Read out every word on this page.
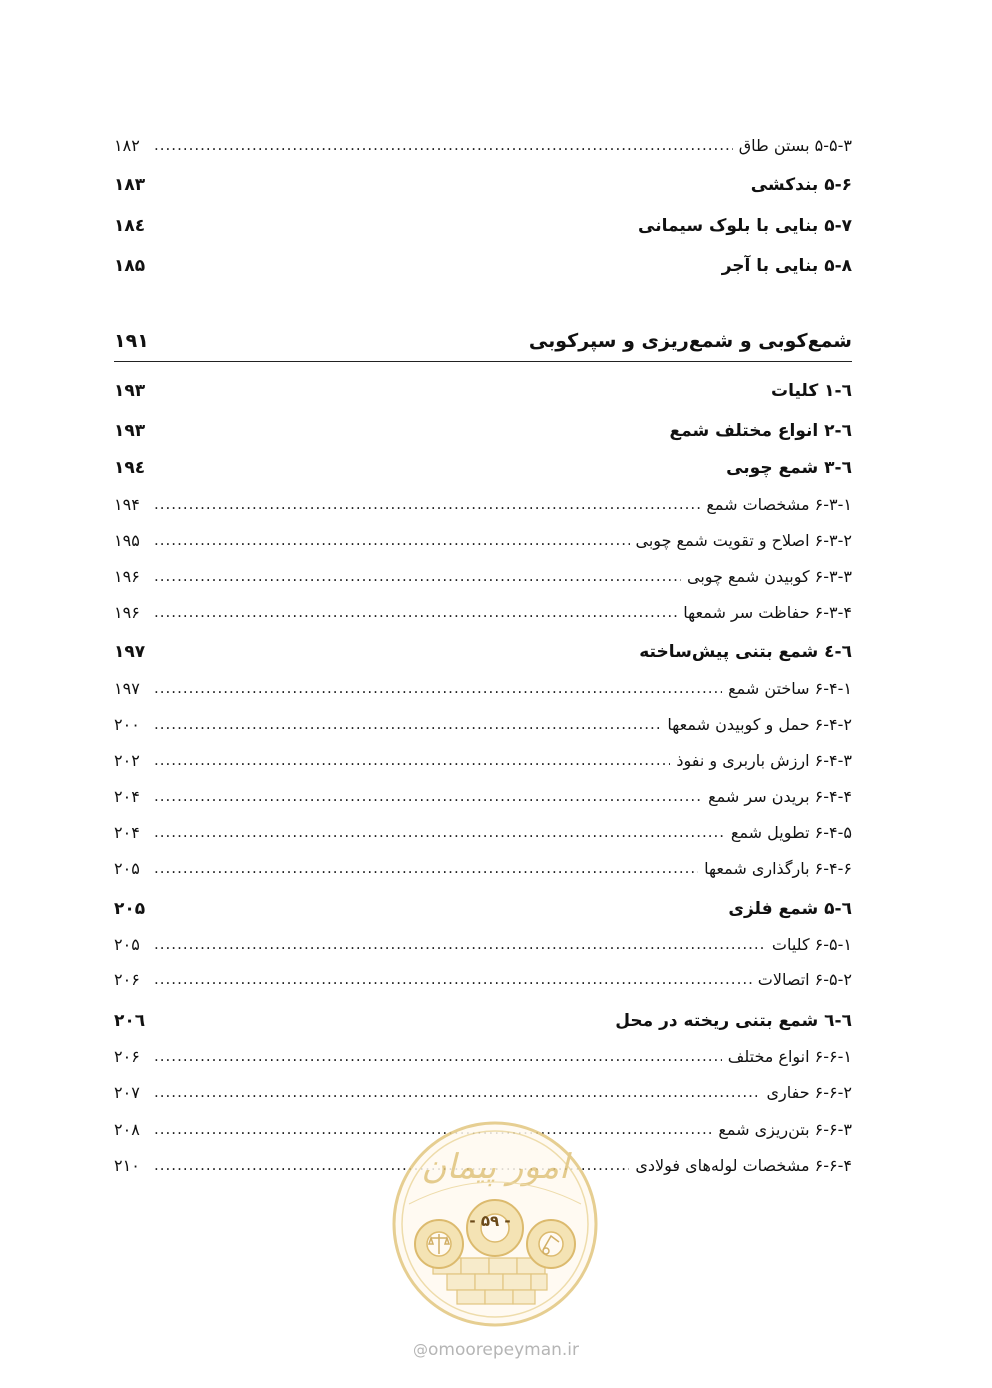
۵-۵-۳ بستن طاق
.....
۱۸۲
۵-۶ بندکشی
۱۸۳
۵-۷ بنایی با بلوک سیمانی
۱۸٤
۵-۸ بنایی با آجر
۱۸۵
شمع‌کوبی و شمع‌ریزی و سپرکوبی
۱۹۱
٦-۱ کلیات
۱۹۳
٦-۲ انواع مختلف شمع
۱۹۳
٦-۳ شمع چوبی
۱۹٤
۶-۳-۱ مشخصات شمع
.....
۱۹۴
۶-۳-۲ اصلاح و تقویت شمع چوبی
.....
۱۹۵
۶-۳-۳ کوبیدن شمع چوبی
.....
۱۹۶
۶-۳-۴ حفاظت سر شمعها
.....
۱۹۶
٦-٤ شمع بتنی پیش‌ساخته
۱۹۷
۶-۴-۱ ساختن شمع
.....
۱۹۷
۶-۴-۲ حمل و کوبیدن شمعها
.....
۲۰۰
۶-۴-۳ ارزش باربری و نفوذ
.....
۲۰۲
۶-۴-۴ بریدن سر شمع
.....
۲۰۴
۶-۴-۵ تطویل شمع
.....
۲۰۴
۶-۴-۶ بارگذاری شمعها
.....
۲۰۵
٦-۵ شمع فلزی
۲۰۵
۶-۵-۱ کلیات
.....
۲۰۵
۶-۵-۲ اتصالات
.....
۲۰۶
٦-٦ شمع بتنی ریخته در محل
۲۰٦
۶-۶-۱ انواع مختلف
.....
۲۰۶
۶-۶-۲ حفاری
.....
۲۰۷
۶-۶-۳ بتن‌ریزی شمع
.....
۲۰۸
۶-۶-۴ مشخصات لوله‌های فولادی
.....
۲۱۰	امور پیمان
- ۵۹ -
@omoorepeyman.ir
